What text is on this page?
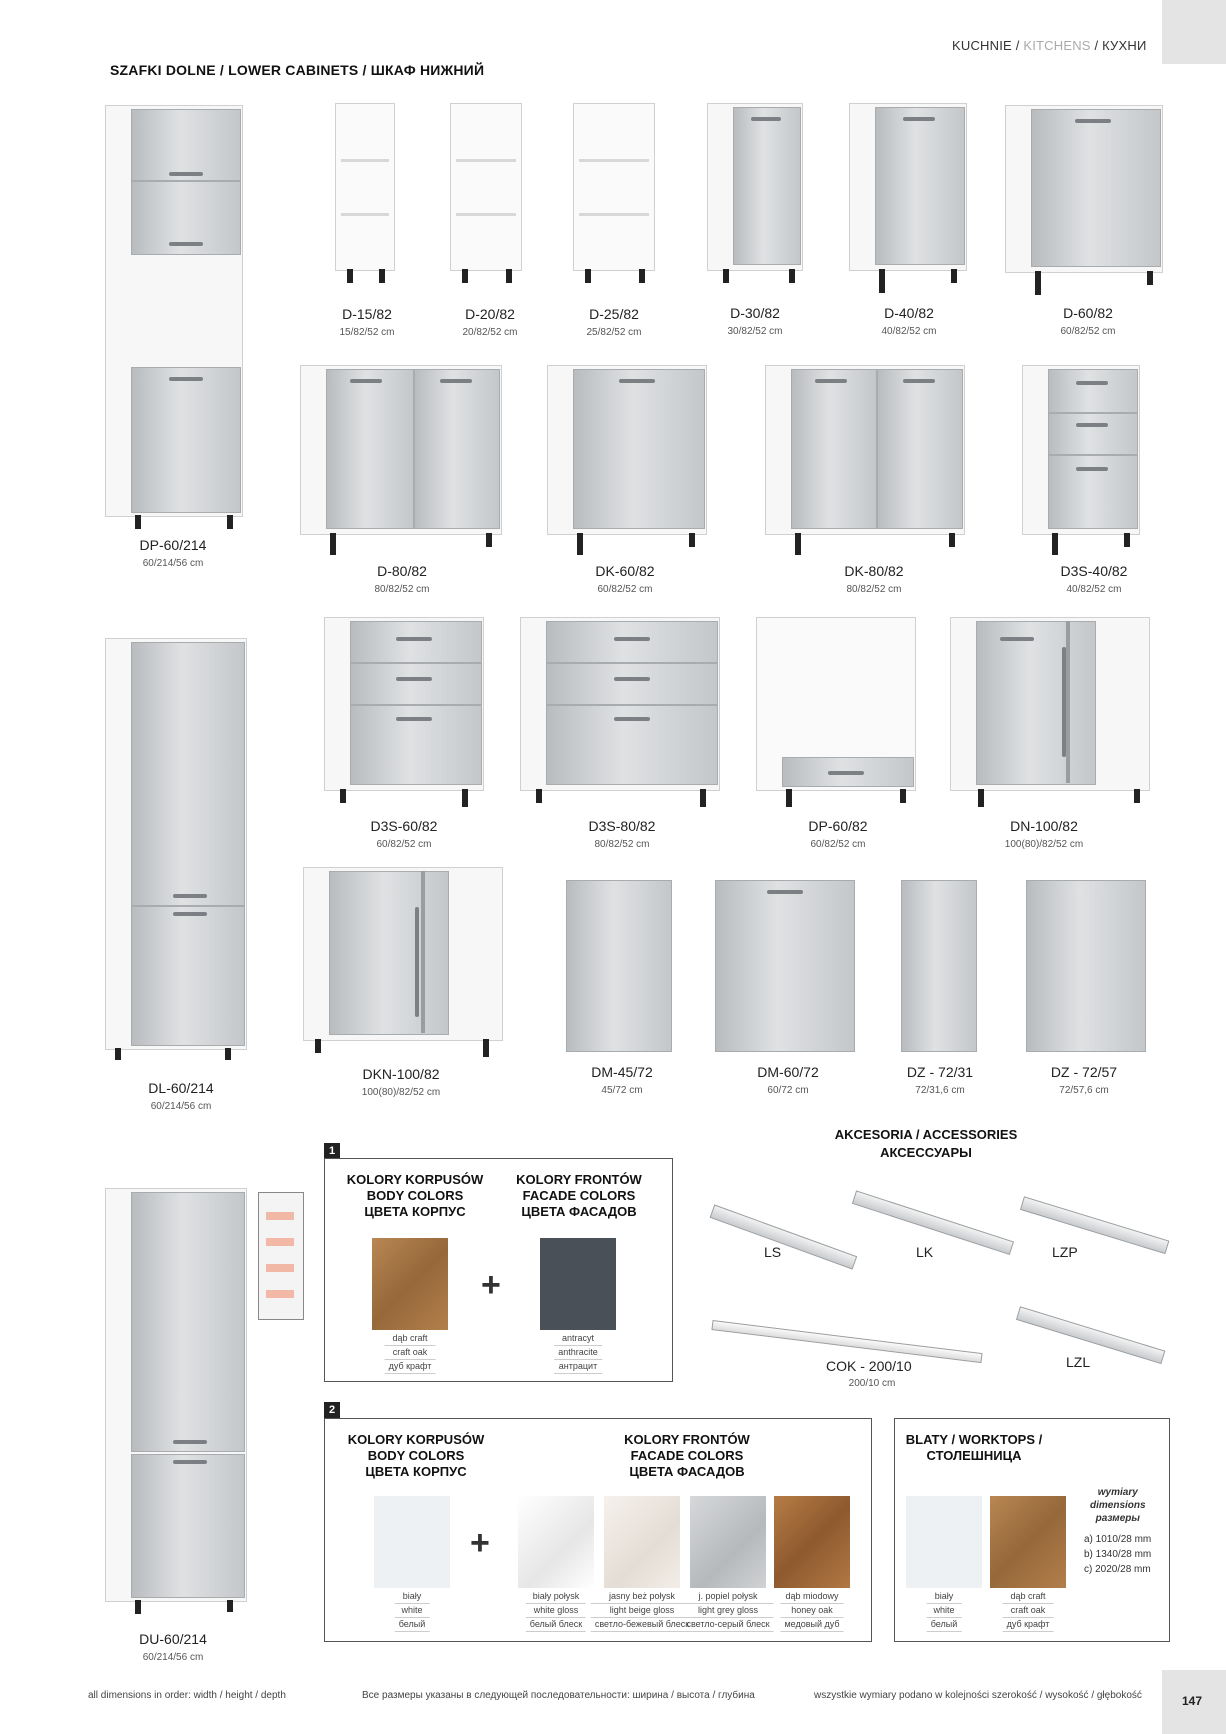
KUCHNIE / KITCHENS / КУХНИ
SZAFKI DOLNE / LOWER CABINETS / ШКАФ НИЖНИЙ
DP-60/214
60/214/56 cm
D-15/82
15/82/52 cm
D-20/82
20/82/52 cm
D-25/82
25/82/52 cm
D-30/82
30/82/52 cm
D-40/82
40/82/52 cm
D-60/82
60/82/52 cm
D-80/82
80/82/52 cm
DK-60/82
60/82/52 cm
DK-80/82
80/82/52 cm
D3S-40/82
40/82/52 cm
DL-60/214
60/214/56 cm
D3S-60/82
60/82/52 cm
D3S-80/82
80/82/52 cm
DP-60/82
60/82/52 cm
DN-100/82
100(80)/82/52 cm
DKN-100/82
100(80)/82/52 cm
DM-45/72
45/72 cm
DM-60/72
60/72 cm
DZ - 72/31
72/31,6 cm
DZ - 72/57
72/57,6 cm
DU-60/214
60/214/56 cm
1
KOLORY KORPUSÓW
BODY COLORS
ЦВЕТА КОРПУС
KOLORY FRONTÓW
FACADE COLORS
ЦВЕТА ФАСАДОВ
dąb craft
craft oak
дуб крафт
+
antracyt
anthracite
антрацит
AKCESORIA / ACCESSORIES
АКСЕССУАРЫ
LS	LK	LZP
COK - 200/10
200/10 cm
LZL
2
KOLORY KORPUSÓW
BODY COLORS
ЦВЕТА КОРПУС
KOLORY FRONTÓW
FACADE COLORS
ЦВЕТА ФАСАДОВ
biały
white
белый
+
biały połysk
white gloss
белый блеск
jasny beż połysk
light beige gloss
светло-бежевый блеск
j. popiel połysk
light grey gloss
светло-серый блеск
dąb miodowy
honey oak
медовый дуб
BLATY / WORKTOPS /
СТОЛЕШНИЦА
biały
white
белый
dąb craft
craft oak
дуб крафт
wymiary
dimensions
размеры
a) 1010/28 mm
b) 1340/28 mm
c) 2020/28 mm
all dimensions in order: width / height / depth	Все размеры указаны в следующей последовательности: ширина / высота / глубина	wszystkie wymiary podano w kolejności szerokość / wysokość / głębokość	147
